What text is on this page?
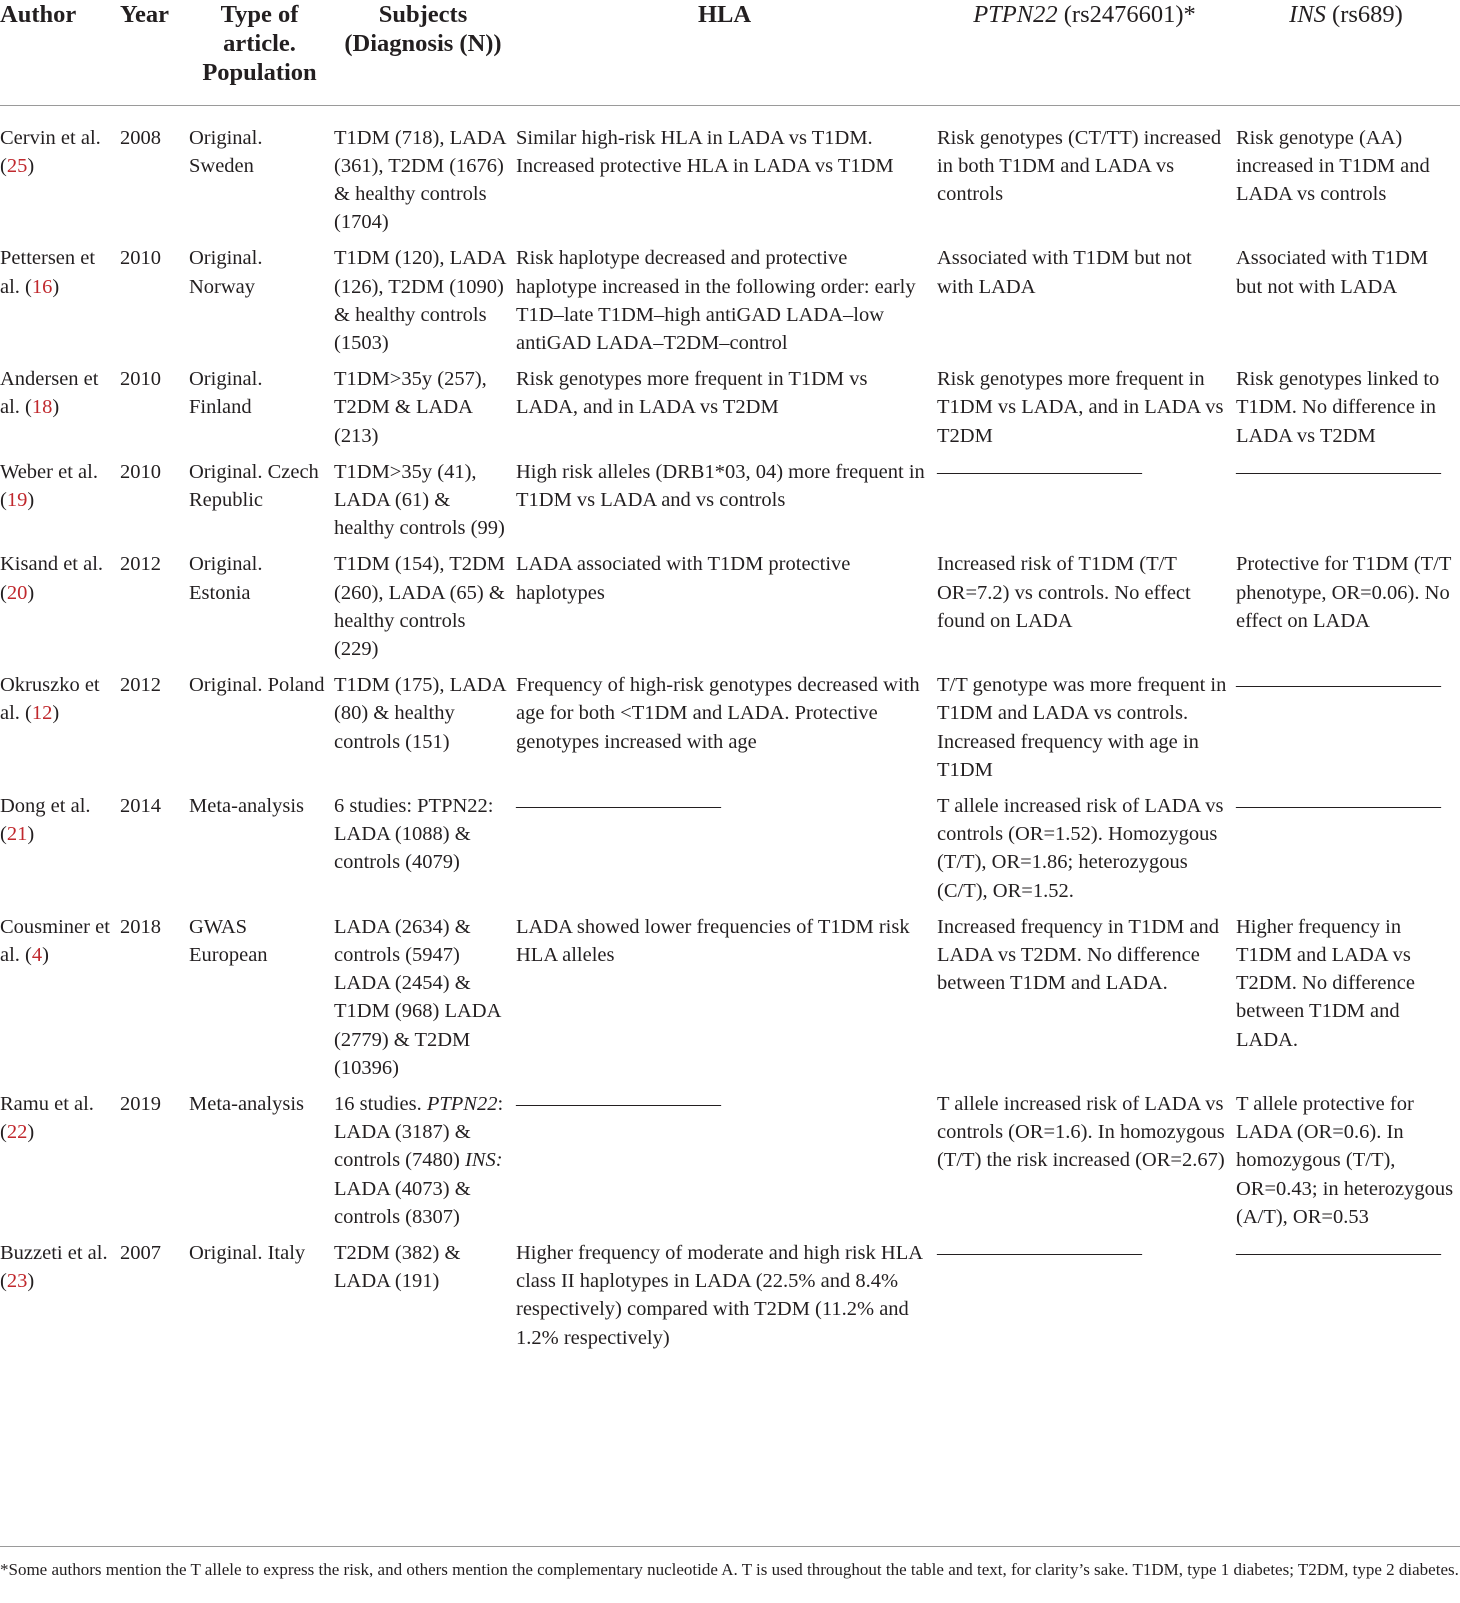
Author	Year	Type of article. Population	Subjects (Diagnosis (N))	HLA	PTPN22 (rs2476601)*	INS (rs689)
Cervin et al. (25)	2008	Original. Sweden	T1DM (718), LADA (361), T2DM (1676) & healthy controls (1704)	Similar high-risk HLA in LADA vs T1DM. Increased protective HLA in LADA vs T1DM	Risk genotypes (CT/TT) increased in both T1DM and LADA vs controls	Risk genotype (AA) increased in T1DM and LADA vs controls
Pettersen et al. (16)	2010	Original. Norway	T1DM (120), LADA (126), T2DM (1090) & healthy controls (1503)	Risk haplotype decreased and protective haplotype increased in the following order: early T1D–late T1DM–high antiGAD LADA–low antiGAD LADA–T2DM–control	Associated with T1DM but not with LADA	Associated with T1DM but not with LADA
Andersen et al. (18)	2010	Original. Finland	T1DM>35y (257), T2DM & LADA (213)	Risk genotypes more frequent in T1DM vs LADA, and in LADA vs T2DM	Risk genotypes more frequent in T1DM vs LADA, and in LADA vs T2DM	Risk genotypes linked to T1DM. No difference in LADA vs T2DM
Weber et al. (19)	2010	Original. Czech Republic	T1DM>35y (41), LADA (61) & healthy controls (99)	High risk alleles (DRB1*03, 04) more frequent in T1DM vs LADA and vs controls	——————————	——————————
Kisand et al. (20)	2012	Original. Estonia	T1DM (154), T2DM (260), LADA (65) & healthy controls (229)	LADA associated with T1DM protective haplotypes	Increased risk of T1DM (T/T OR=7.2) vs controls. No effect found on LADA	Protective for T1DM (T/T phenotype, OR=0.06). No effect on LADA
Okruszko et al. (12)	2012	Original. Poland	T1DM (175), LADA (80) & healthy controls (151)	Frequency of high-risk genotypes decreased with age for both <T1DM and LADA. Protective genotypes increased with age	T/T genotype was more frequent in T1DM and LADA vs controls. Increased frequency with age in T1DM	——————————
Dong et al. (21)	2014	Meta-analysis	6 studies: PTPN22: LADA (1088) & controls (4079)	——————————	T allele increased risk of LADA vs controls (OR=1.52). Homozygous (T/T), OR=1.86; heterozygous (C/T), OR=1.52.	——————————
Cousminer et al. (4)	2018	GWAS European	LADA (2634) & controls (5947) LADA (2454) & T1DM (968) LADA (2779) & T2DM (10396)	LADA showed lower frequencies of T1DM risk HLA alleles	Increased frequency in T1DM and LADA vs T2DM. No difference between T1DM and LADA.	Higher frequency in T1DM and LADA vs T2DM. No difference between T1DM and LADA.
Ramu et al. (22)	2019	Meta-analysis	16 studies. PTPN22: LADA (3187) & controls (7480) INS: LADA (4073) & controls (8307)	——————————	T allele increased risk of LADA vs controls (OR=1.6). In homozygous (T/T) the risk increased (OR=2.67)	T allele protective for LADA (OR=0.6). In homozygous (T/T), OR=0.43; in heterozygous (A/T), OR=0.53
Buzzeti et al. (23)	2007	Original. Italy	T2DM (382) & LADA (191)	Higher frequency of moderate and high risk HLA class II haplotypes in LADA (22.5% and 8.4% respectively) compared with T2DM (11.2% and 1.2% respectively)	——————————	——————————
*Some authors mention the T allele to express the risk, and others mention the complementary nucleotide A. T is used throughout the table and text, for clarity’s sake. T1DM, type 1 diabetes; T2DM, type 2 diabetes.
